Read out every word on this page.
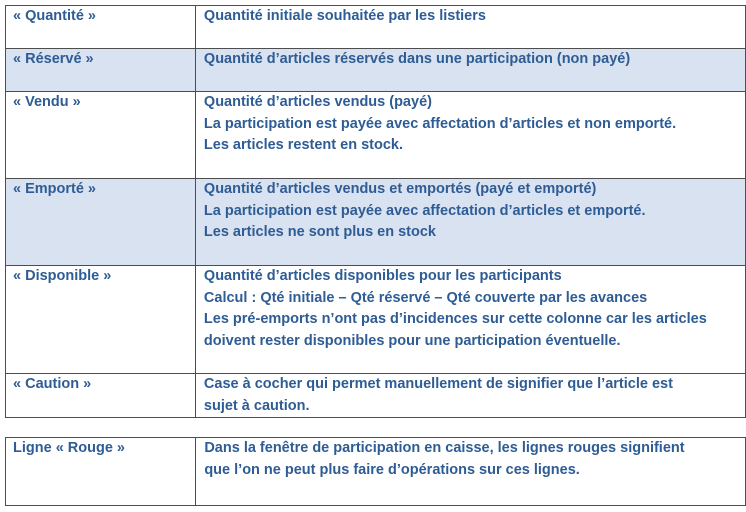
« Quantité »	Quantité initiale souhaitée par les listiers

« Réservé »	Quantité d’articles réservés dans une participation (non payé)

« Vendu »	Quantité d’articles vendus (payé)
La participation est payée avec affectation d’articles et non emporté.
Les articles restent en stock.

« Emporté »	Quantité d’articles vendus et emportés (payé et emporté)
La participation est payée avec affectation d’articles et emporté.
Les articles ne sont plus en stock

« Disponible »	Quantité d’articles disponibles pour les participants
Calcul : Qté initiale – Qté réservé – Qté couverte par les avances
Les pré-emports n’ont pas d’incidences sur cette colonne car les articles
doivent rester disponibles pour une participation éventuelle.

« Caution »	Case à cocher qui permet manuellement de signifier que l’article est
sujet à caution.
Ligne « Rouge »	Dans la fenêtre de participation en caisse, les lignes rouges signifient
que l’on ne peut plus faire d’opérations sur ces lignes.
